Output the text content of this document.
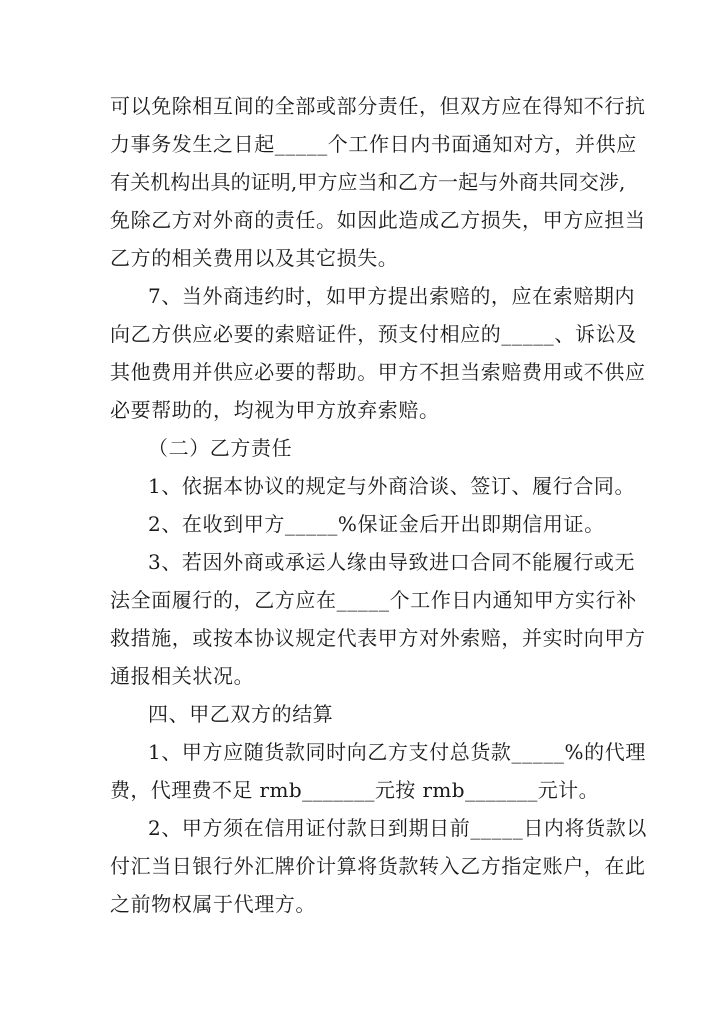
可以免除相互间的全部或部分责任，但双方应在得知不行抗
力事务发生之日起_____个工作日内书面通知对方，并供应
有关机构出具的证明,甲方应当和乙方一起与外商共同交涉,
免除乙方对外商的责任。如因此造成乙方损失，甲方应担当
乙方的相关费用以及其它损失。
7、当外商违约时，如甲方提出索赔的，应在索赔期内
向乙方供应必要的索赔证件，预支付相应的_____、诉讼及
其他费用并供应必要的帮助。甲方不担当索赔费用或不供应
必要帮助的，均视为甲方放弃索赔。
（二）乙方责任
1、依据本协议的规定与外商洽谈、签订、履行合同。
2、在收到甲方_____%保证金后开出即期信用证。
3、若因外商或承运人缘由导致进口合同不能履行或无
法全面履行的，乙方应在_____个工作日内通知甲方实行补
救措施，或按本协议规定代表甲方对外索赔，并实时向甲方
通报相关状况。
四、甲乙双方的结算
1、甲方应随货款同时向乙方支付总货款_____%的代理
费，代理费不足 rmb_______元按 rmb_______元计。
2、甲方须在信用证付款日到期日前_____日内将货款以
付汇当日银行外汇牌价计算将货款转入乙方指定账户，在此
之前物权属于代理方。
